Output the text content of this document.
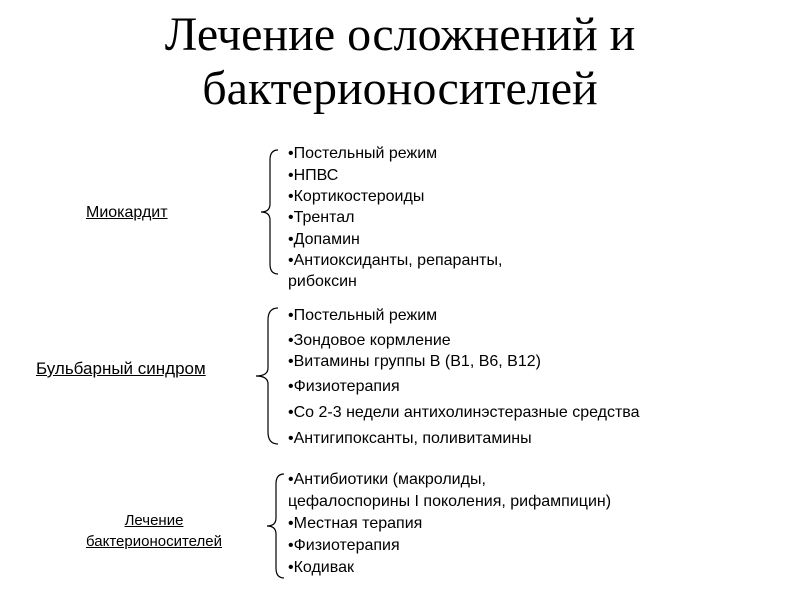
Лечение осложнений и
бактерионосителей
Миокардит
•Постельный режим
•НПВС
•Кортикостероиды
•Трентал
•Допамин
•Антиоксиданты, репаранты,
рибоксин
Бульбарный синдром
•Постельный режим
•Зондовое кормление
•Витамины группы В (В1, В6, В12)
•Физиотерапия
•Со 2-3 недели антихолинэстеразные средства
•Антигипоксанты, поливитамины
Лечение
бактерионосителей
•Антибиотики (макролиды,
цефалоспорины I поколения, рифампицин)
•Местная терапия
•Физиотерапия
•Кодивак
